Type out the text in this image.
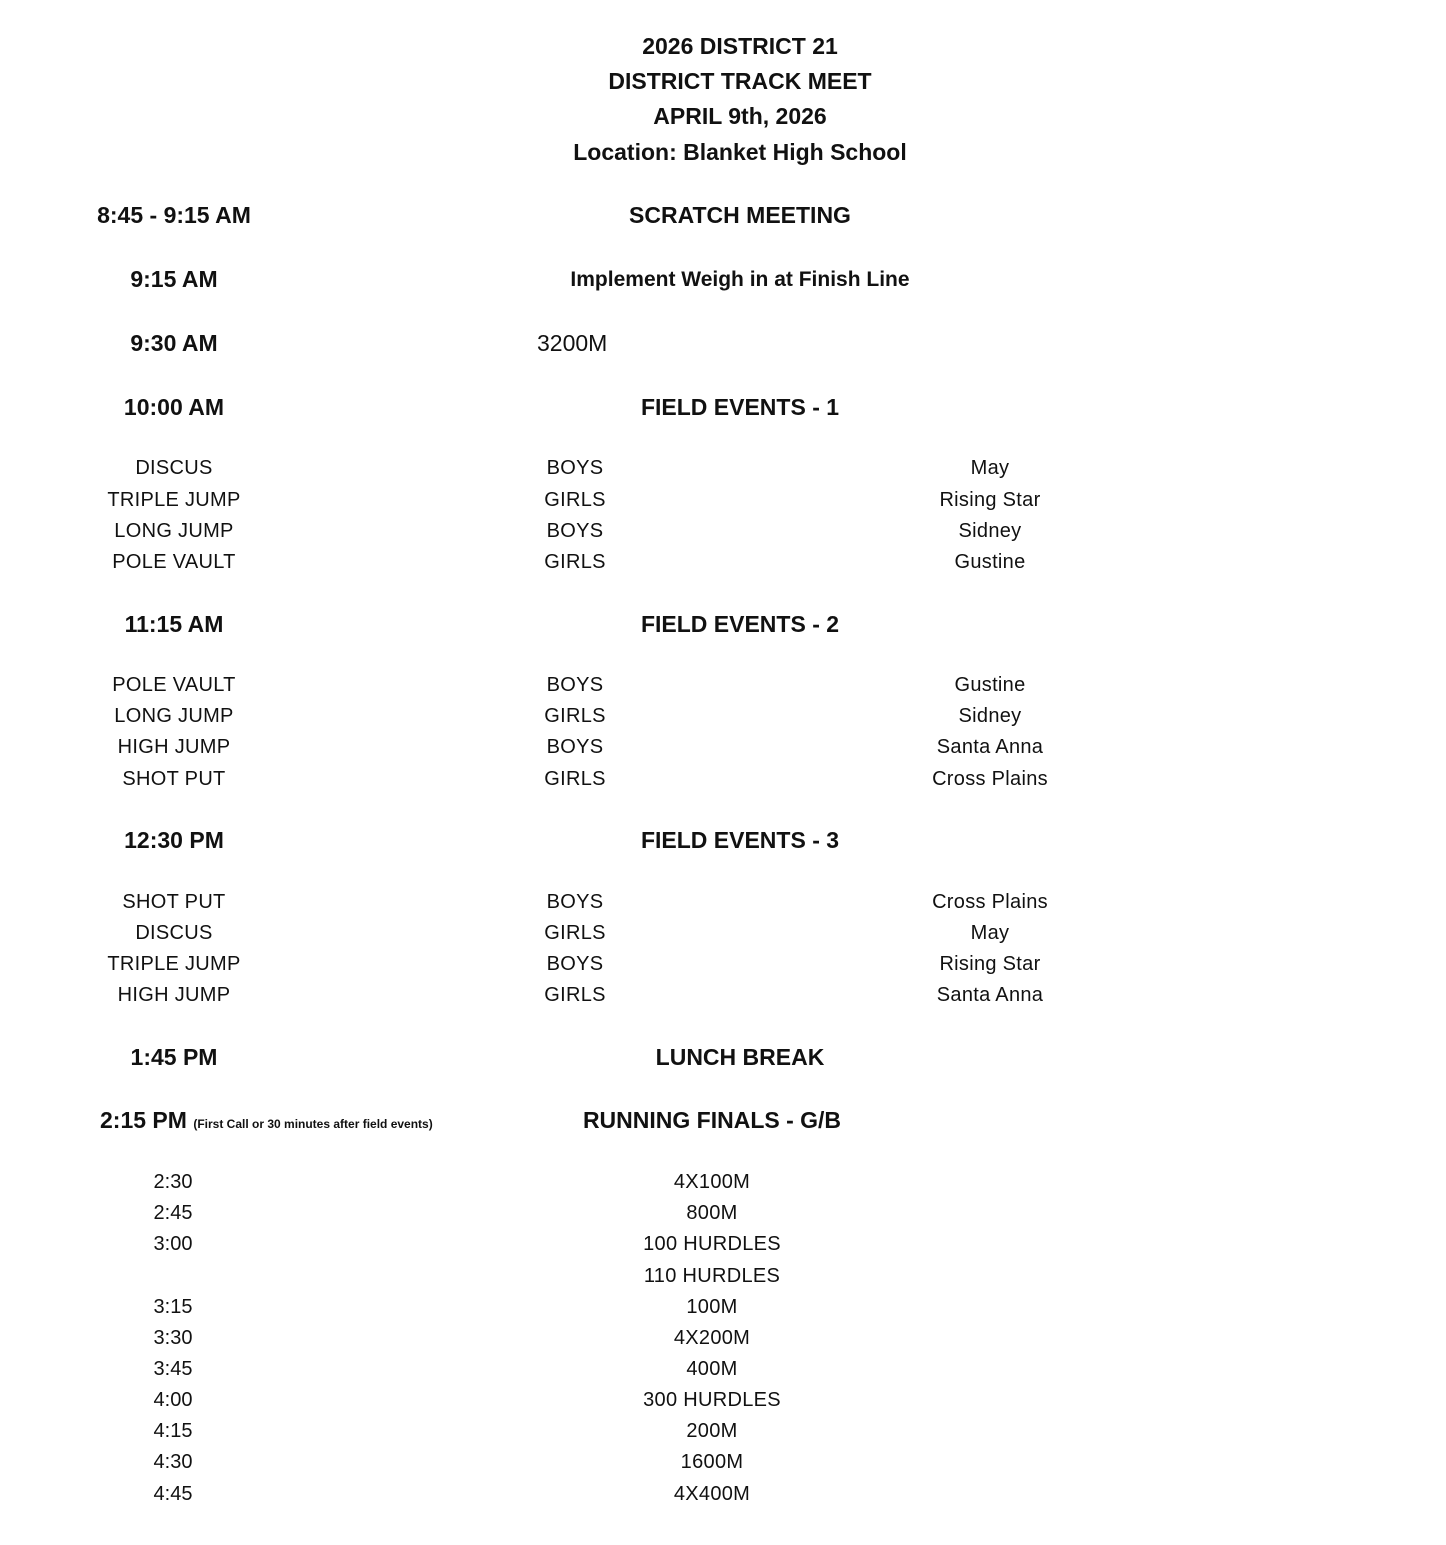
2026 DISTRICT 21
DISTRICT TRACK MEET
APRIL 9th, 2026
Location: Blanket High School
8:45 - 9:15 AM	SCRATCH MEETING
9:15 AM	Implement Weigh in at Finish Line
9:30 AM	3200M
10:00 AM	FIELD EVENTS - 1
DISCUS	BOYS	May
TRIPLE JUMP	GIRLS	Rising Star
LONG JUMP	BOYS	Sidney
POLE VAULT	GIRLS	Gustine
11:15 AM	FIELD EVENTS - 2
POLE VAULT	BOYS	Gustine
LONG JUMP	GIRLS	Sidney
HIGH JUMP	BOYS	Santa Anna
SHOT PUT	GIRLS	Cross Plains
12:30 PM	FIELD EVENTS - 3
SHOT PUT	BOYS	Cross Plains
DISCUS	GIRLS	May
TRIPLE JUMP	BOYS	Rising Star
HIGH JUMP	GIRLS	Santa Anna
1:45 PM	LUNCH BREAK
2:15 PM (First Call or 30 minutes after field events)	RUNNING FINALS - G/B
2:30	4X100M
2:45	800M
3:00	100 HURDLES
110 HURDLES
3:15	100M
3:30	4X200M
3:45	400M
4:00	300 HURDLES
4:15	200M
4:30	1600M
4:45	4X400M
